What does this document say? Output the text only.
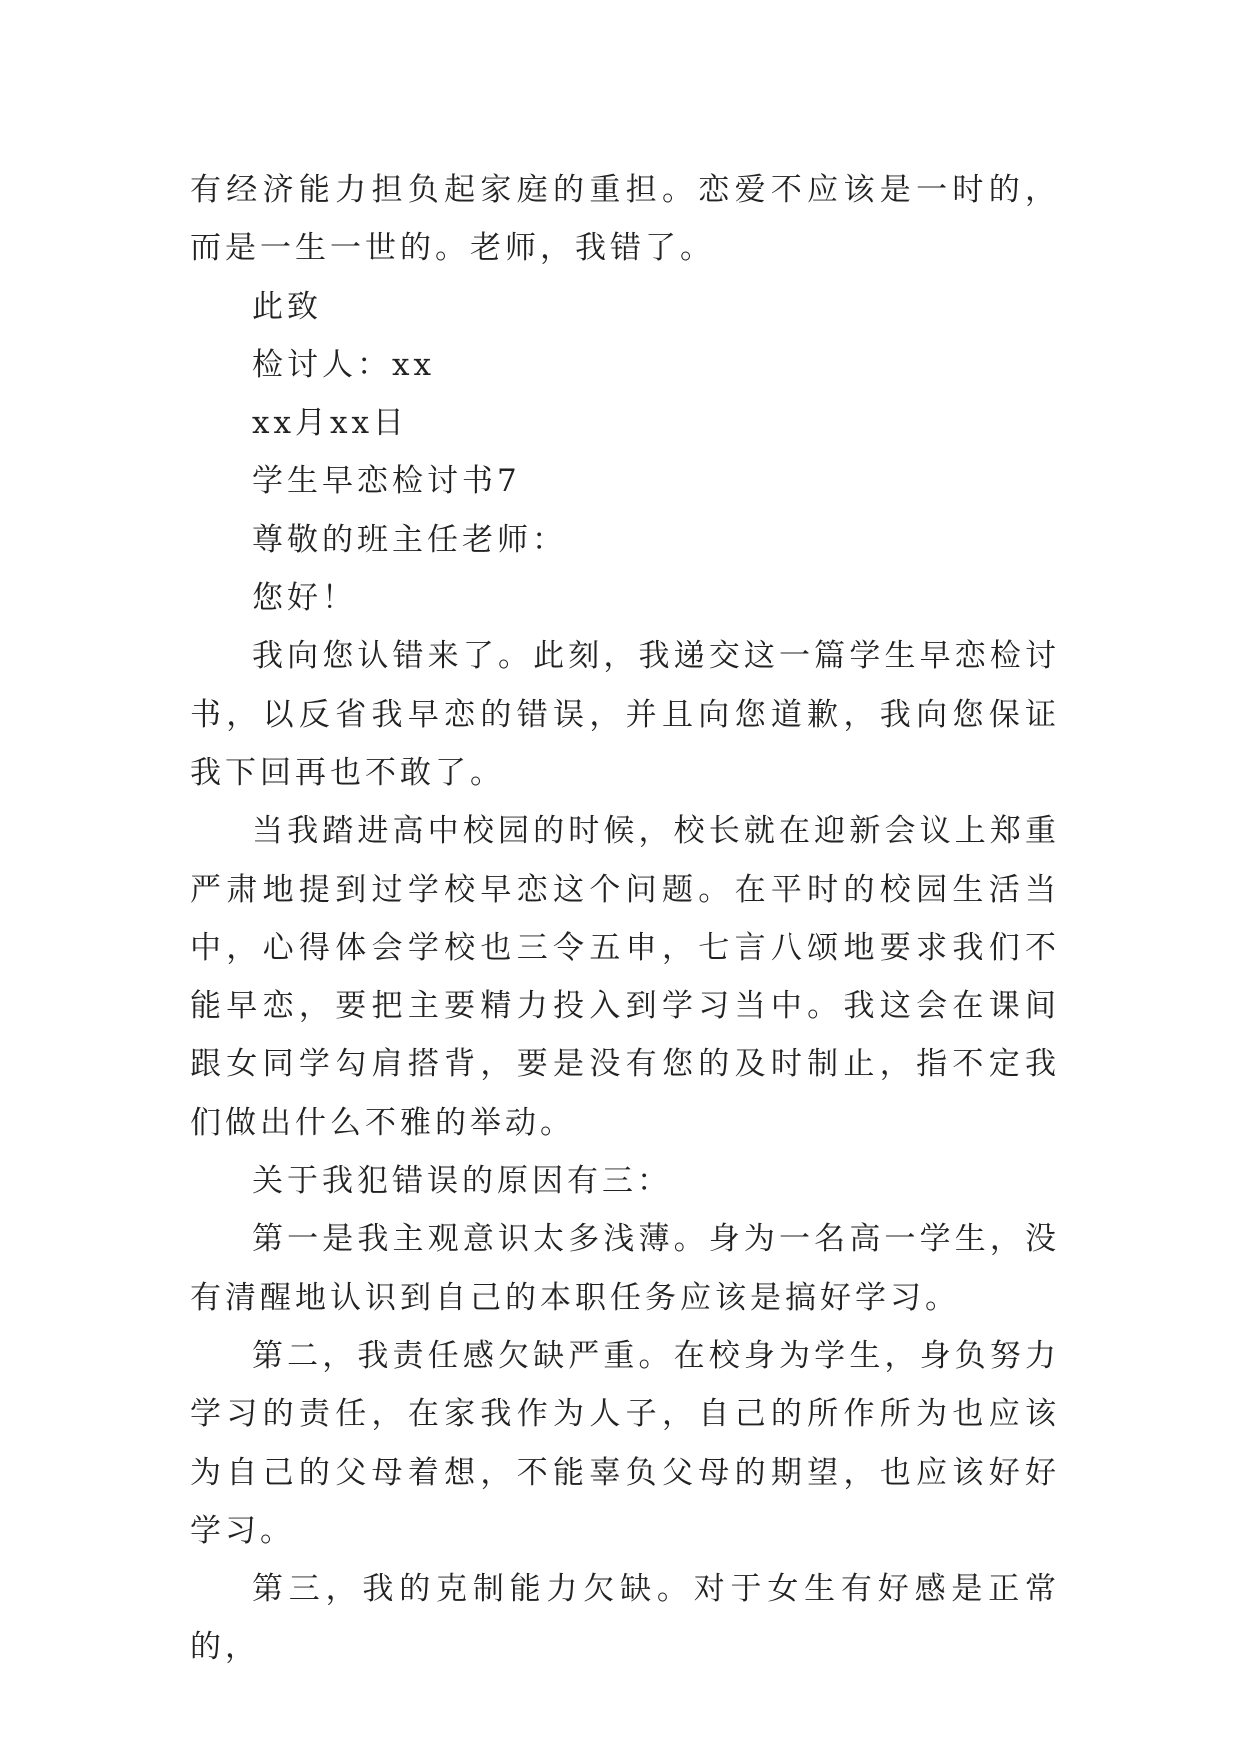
有经济能力担负起家庭的重担。恋爱不应该是一时的，而是一生一世的。老师，我错了。

此致

检讨人：xx

xx月xx日

学生早恋检讨书7

尊敬的班主任老师：

您好！

我向您认错来了。此刻，我递交这一篇学生早恋检讨书，以反省我早恋的错误，并且向您道歉，我向您保证我下回再也不敢了。

当我踏进高中校园的时候，校长就在迎新会议上郑重严肃地提到过学校早恋这个问题。在平时的校园生活当中，心得体会学校也三令五申，七言八颂地要求我们不能早恋，要把主要精力投入到学习当中。我这会在课间跟女同学勾肩搭背，要是没有您的及时制止，指不定我们做出什么不雅的举动。

关于我犯错误的原因有三：

第一是我主观意识太多浅薄。身为一名高一学生，没有清醒地认识到自己的本职任务应该是搞好学习。

第二，我责任感欠缺严重。在校身为学生，身负努力学习的责任，在家我作为人子，自己的所作所为也应该为自己的父母着想，不能辜负父母的期望，也应该好好学习。

第三，我的克制能力欠缺。对于女生有好感是正常的，
